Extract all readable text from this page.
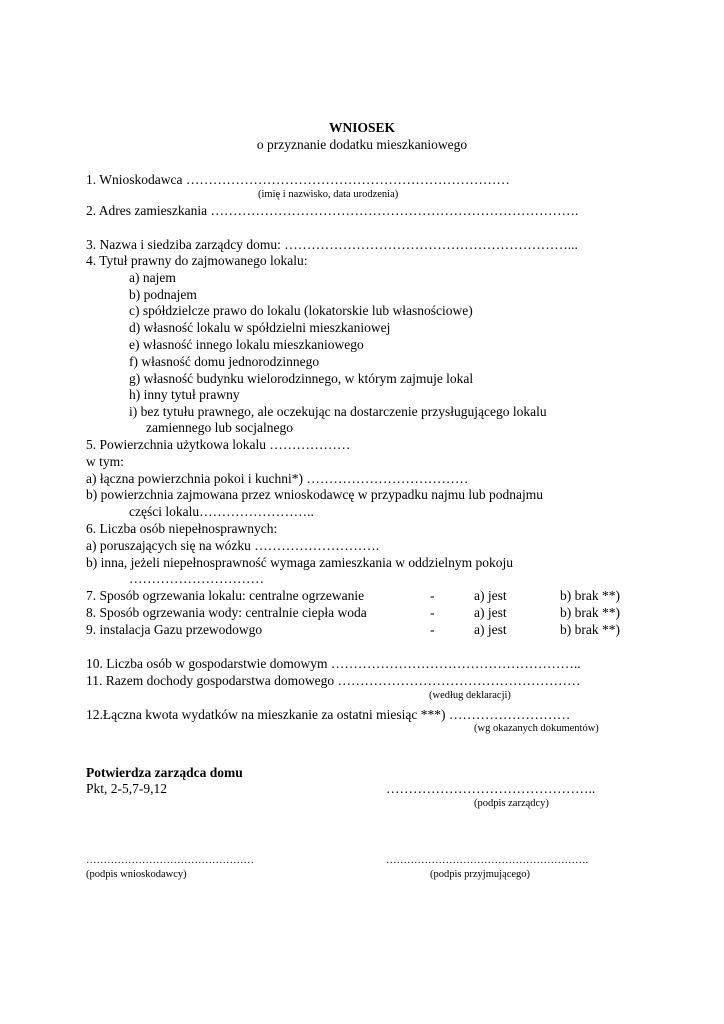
WNIOSEK
o przyznanie dodatku mieszkaniowego
1. Wnioskodawca ………………………………………………………………
(imię i nazwisko, data urodzenia)
2. Adres zamieszkania ……………………………………………………………………….
3. Nazwa i siedziba zarządcy domu: ………………………………………………………...
4. Tytuł prawny do zajmowanego lokalu:
a) najem
b) podnajem
c) spółdzielcze prawo do lokalu (lokatorskie lub własnościowe)
d) własność lokalu w spółdzielni mieszkaniowej
e) własność innego lokalu mieszkaniowego
f) własność domu jednorodzinnego
g) własność budynku wielorodzinnego, w którym zajmuje lokal
h) inny tytuł prawny
i) bez tytułu prawnego, ale oczekując na dostarczenie przysługującego lokalu
zamiennego lub socjalnego
5. Powierzchnia użytkowa lokalu ………………
w tym:
a) łączna powierzchnia pokoi i kuchni*) ………………………………
b) powierzchnia zajmowana przez wnioskodawcę w przypadku najmu lub podnajmu
części lokalu……………………..
6. Liczba osób niepełnosprawnych:
a) poruszających się na wózku ……………………….
b) inna, jeżeli niepełnosprawność wymaga zamieszkania w oddzielnym pokoju
…………………………
7. Sposób ogrzewania lokalu: centralne ogrzewanie	-	a) jest	b) brak **)
8. Sposób ogrzewania wody: centralnie ciepła woda	-	a) jest	b) brak **)
9. instalacja Gazu przewodowgo	-	a) jest	b) brak **)
10. Liczba osób w gospodarstwie domowym ………………………………………………..
11. Razem dochody gospodarstwa domowego ………………………………………………
(według deklaracji)
12.Łączna kwota wydatków na mieszkanie za ostatni miesiąc ***) ………………………
(wg okazanych dokumentów)
Potwierdza zarządca domu
Pkt, 2-5,7-9,12	………………………………………..
(podpis zarządcy)
…………………………………………
(podpis wnioskodawcy)
………………………………………………….
(podpis przyjmującego)
